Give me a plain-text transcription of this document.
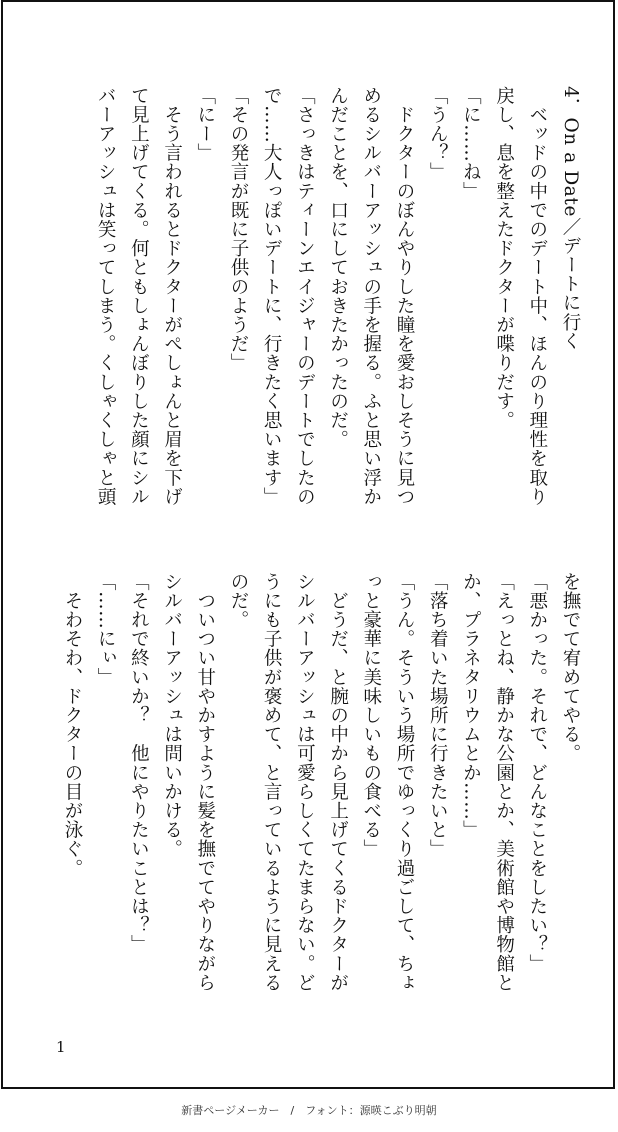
4．On a Date／デートに行く
　ベッドの中でのデート中、ほんのり理性を取り
戻し、息を整えたドクターが喋りだす。
「に……ね」
「うん？」
　ドクターのぼんやりした瞳を愛おしそうに見つ
めるシルバーアッシュの手を握る。ふと思い浮か
んだことを、口にしておきたかったのだ。
「さっきはティーンエイジャーのデートでしたの
で……大人っぽいデートに、行きたく思います」
「その発言が既に子供のようだ」
「にー」
　そう言われるとドクターがぺしょんと眉を下げ
て見上げてくる。何ともしょんぼりした顔にシル
バーアッシュは笑ってしまう。くしゃくしゃと頭
を撫でて宥めてやる。
「悪かった。それで、どんなことをしたい？」
「えっとね、静かな公園とか、美術館や博物館と
か、プラネタリウムとか……」
「落ち着いた場所に行きたいと」
「うん。そういう場所でゆっくり過ごして、ちょ
っと豪華に美味しいもの食べる」
　どうだ、と腕の中から見上げてくるドクターが
シルバーアッシュは可愛らしくてたまらない。ど
うにも子供が褒めて、と言っているように見える
のだ。
　ついつい甘やかすように髪を撫でてやりながら
シルバーアッシュは問いかける。
「それで終いか？　他にやりたいことは？」
「……にぃ」
　そわそわ、ドクターの目が泳ぐ。
1
新書ページメーカー　/　フォント：源暎こぶり明朝
